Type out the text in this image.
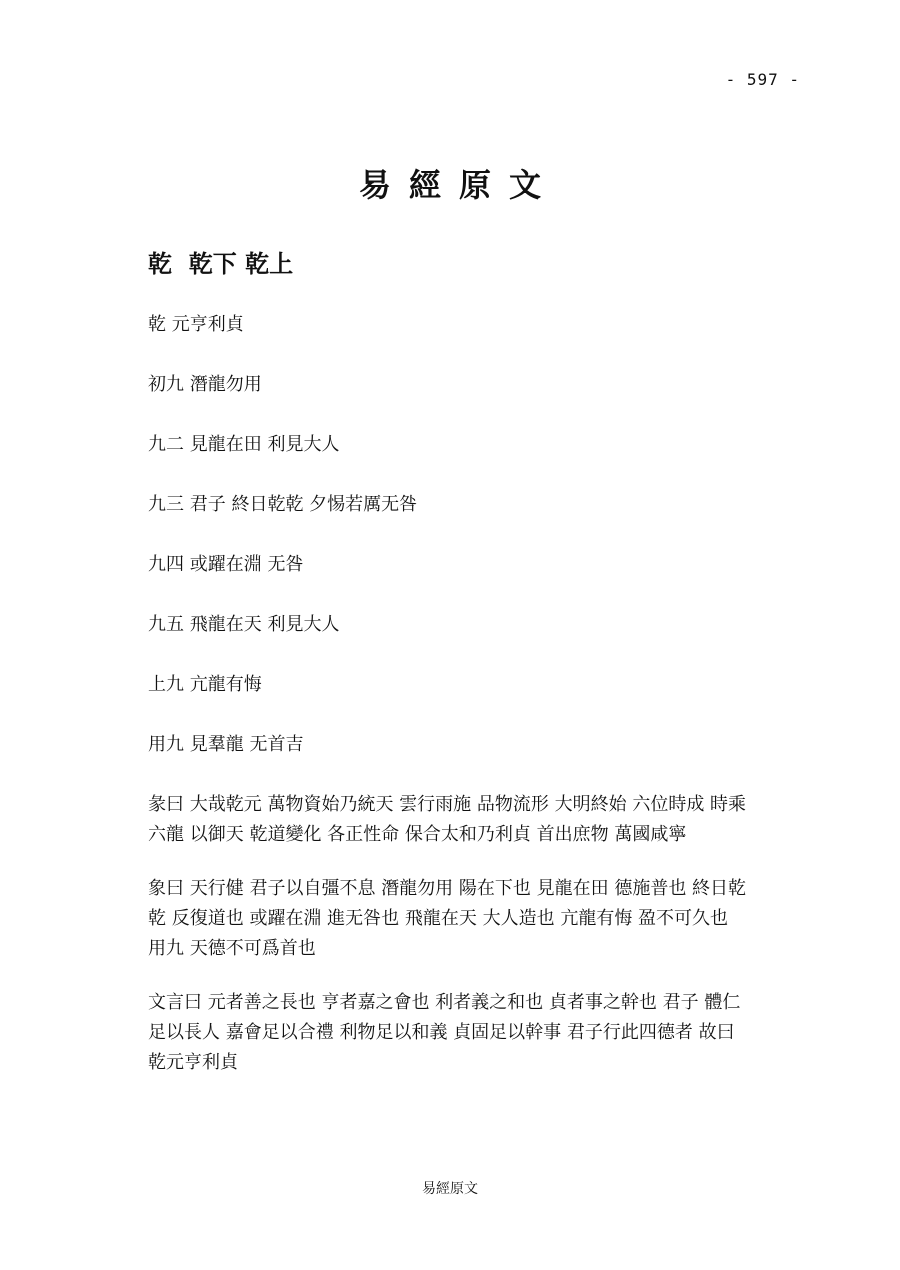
- 597 -
易經原文
乾  乾下 乾上
乾 元亨利貞
初九 潛龍勿用
九二 見龍在田 利見大人
九三 君子 終日乾乾 夕惕若厲无咎
九四 或躍在淵 无咎
九五 飛龍在天 利見大人
上九 亢龍有悔
用九 見羣龍 无首吉
彖曰 大哉乾元 萬物資始乃統天 雲行雨施 品物流形 大明終始 六位時成 時乘
六龍 以御天 乾道變化 各正性命 保合太和乃利貞 首出庶物 萬國咸寧
象曰 天行健 君子以自彊不息 潛龍勿用 陽在下也 見龍在田 德施普也 終日乾
乾 反復道也 或躍在淵 進无咎也 飛龍在天 大人造也 亢龍有悔 盈不可久也
用九 天德不可爲首也
文言曰 元者善之長也 亨者嘉之會也 利者義之和也 貞者事之幹也 君子 體仁
足以長人 嘉會足以合禮 利物足以和義 貞固足以幹事 君子行此四德者 故曰
乾元亨利貞
易經原文
